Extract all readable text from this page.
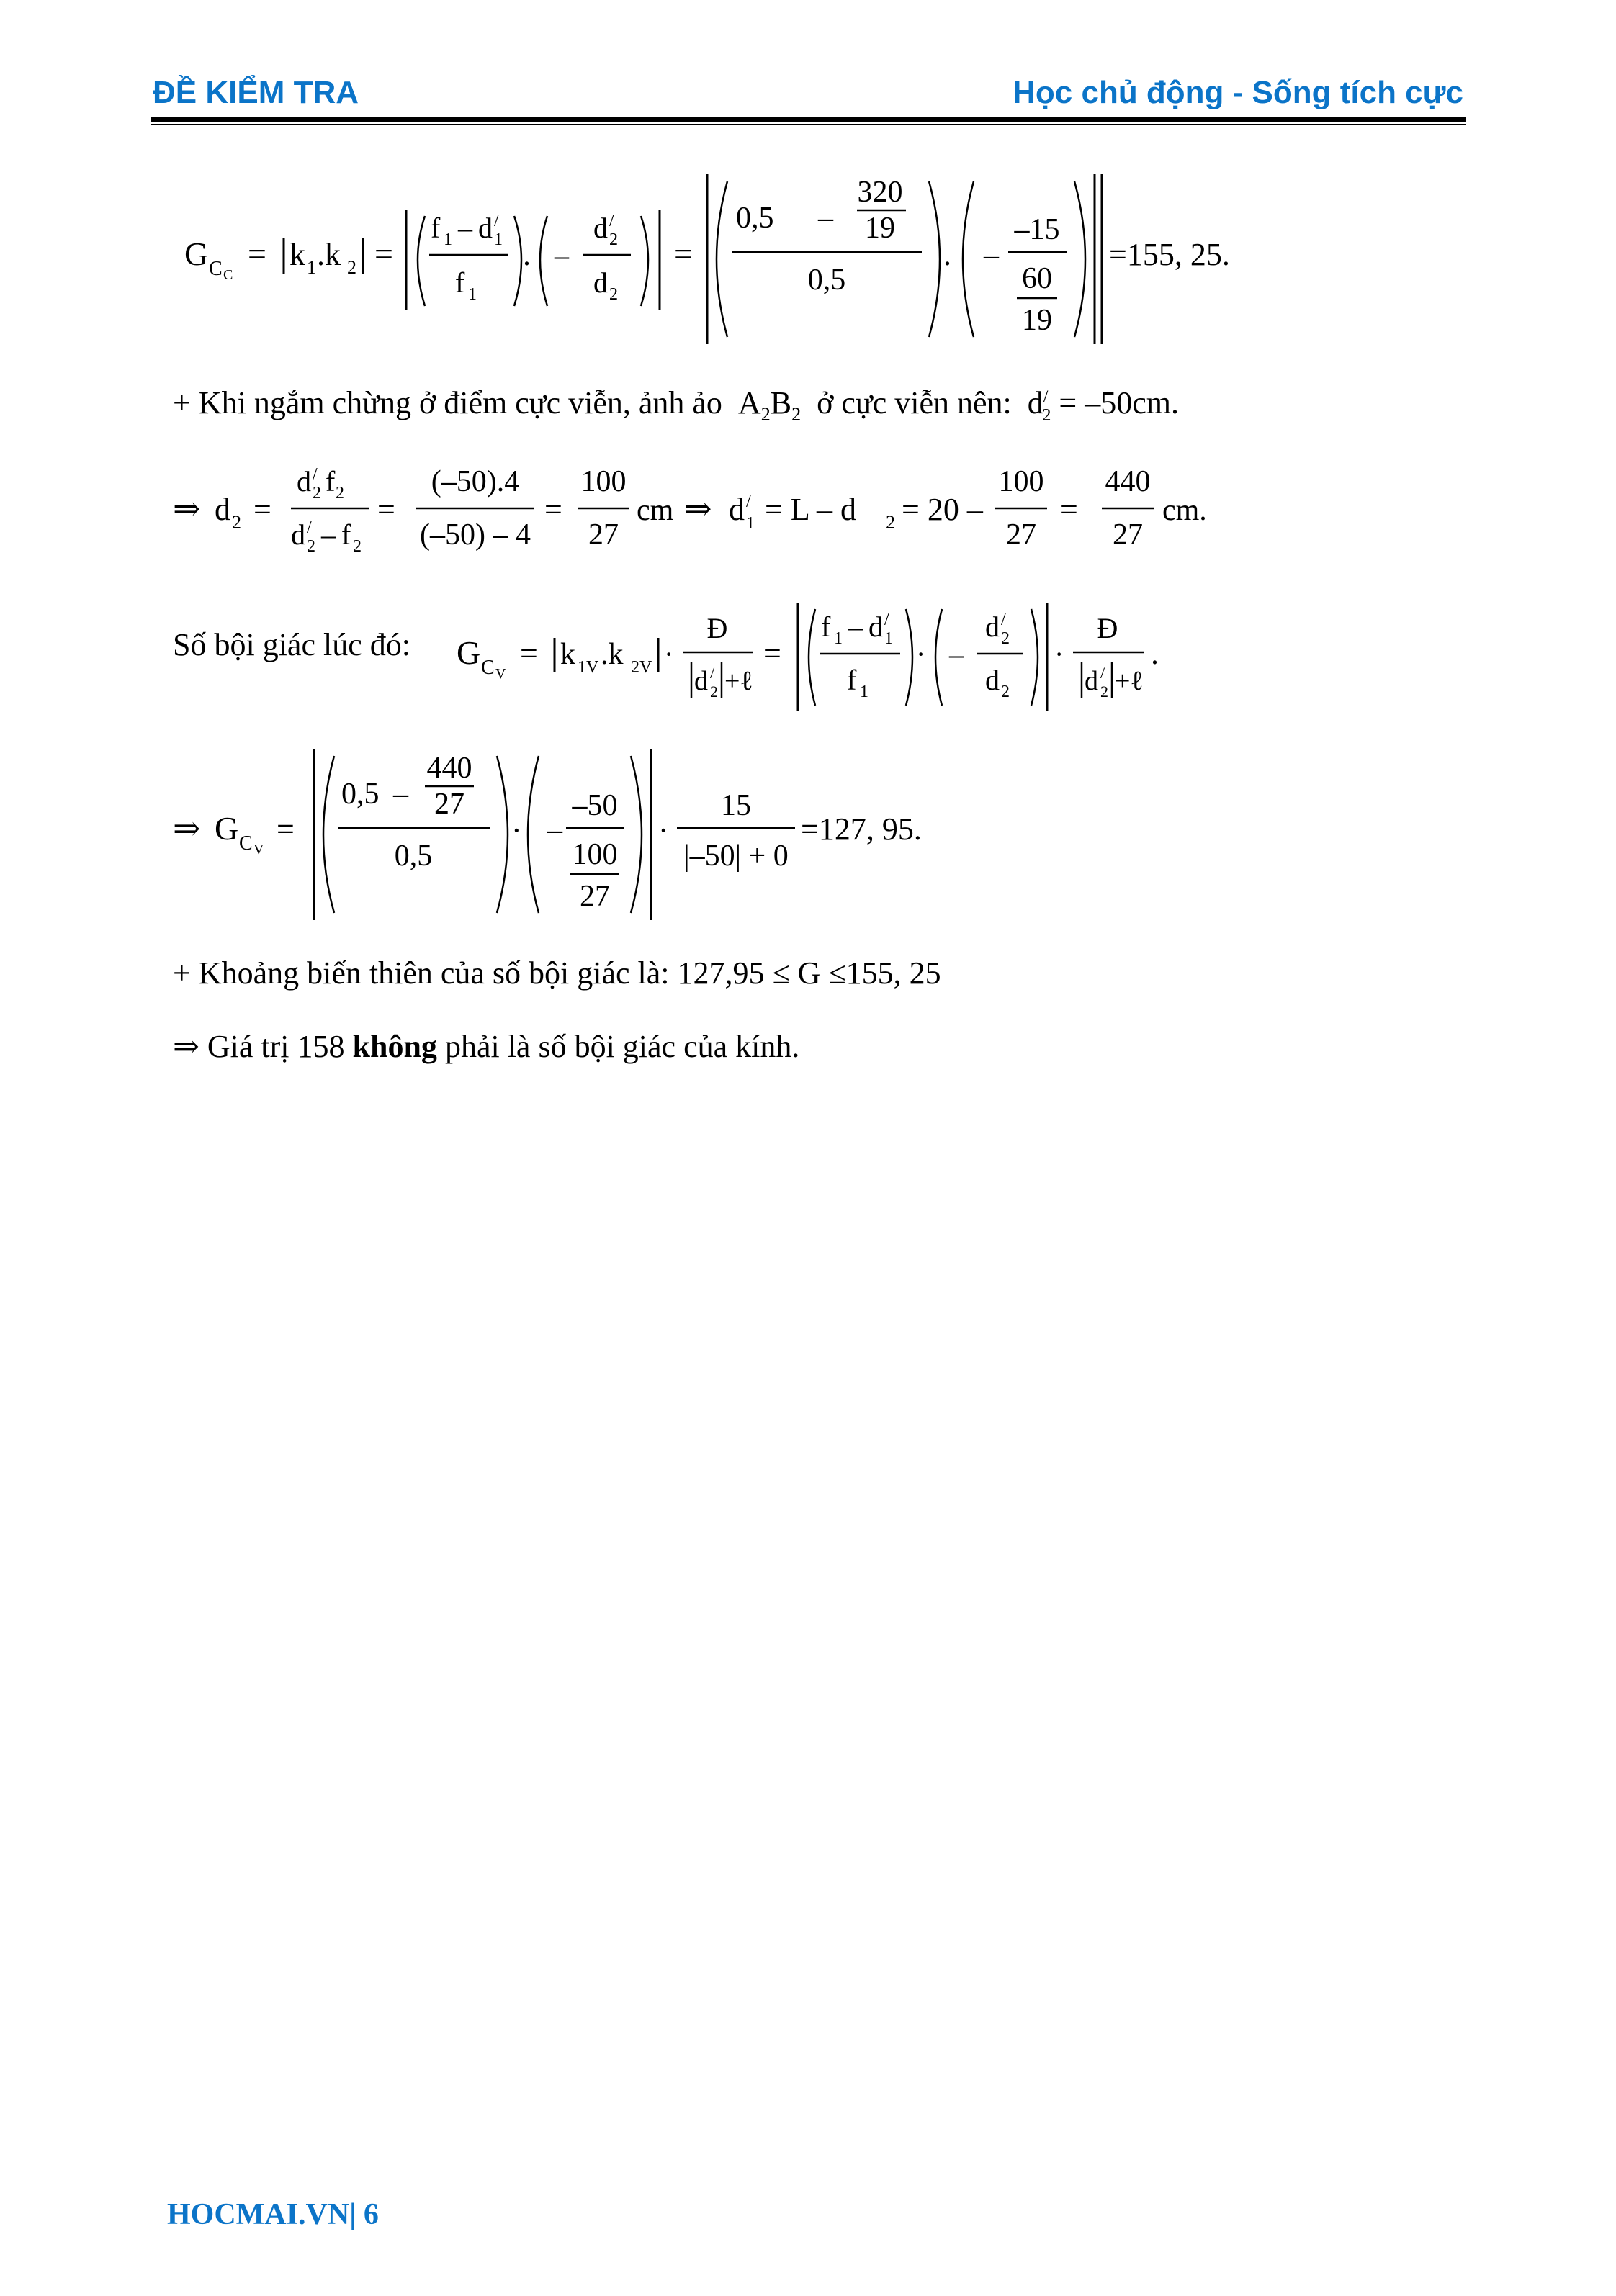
ĐỀ KIỂM TRA	Học chủ động - Sống tích cực
G C C
= k 1 .k 2 =
f 1 – d /
1
f 1
. –
d /
2
d 2
=
320
0,5 – 19
0,5
. –
–15
60
19
=155, 25.
+ Khi ngắm chừng ở điểm cực viễn, ảnh ảo $A_2B_2$ ở cực viễn nên:  $d^/_2 = -50cm$.
⇒ d 2 =
d /
2 f 2
d /
2 – f 2
=
(–50).4
(–50) – 4
=
100
27
cm ⇒ d /
1 = L – d 2 = 20 –
100
27
=
440
27
cm.
Số bội giác lúc đó: G C V
= k 1V .k 2V ·
Đ
d /
2 +ℓ
=
f 1 – d /
1
f 1
· –
d /
2
d 2
·
Đ
d /
2 +ℓ
.
⇒ G C V
=
440
0,5 – 27
0,5
· –
–50
100
27
·
15
|–50| + 0
=127, 95.
+ Khoảng biến thiên của số bội giác là: 127,95 ≤ G ≤155, 25
⇒ Giá trị 158 không phải là số bội giác của kính.
HOCMAI.VN| 6
